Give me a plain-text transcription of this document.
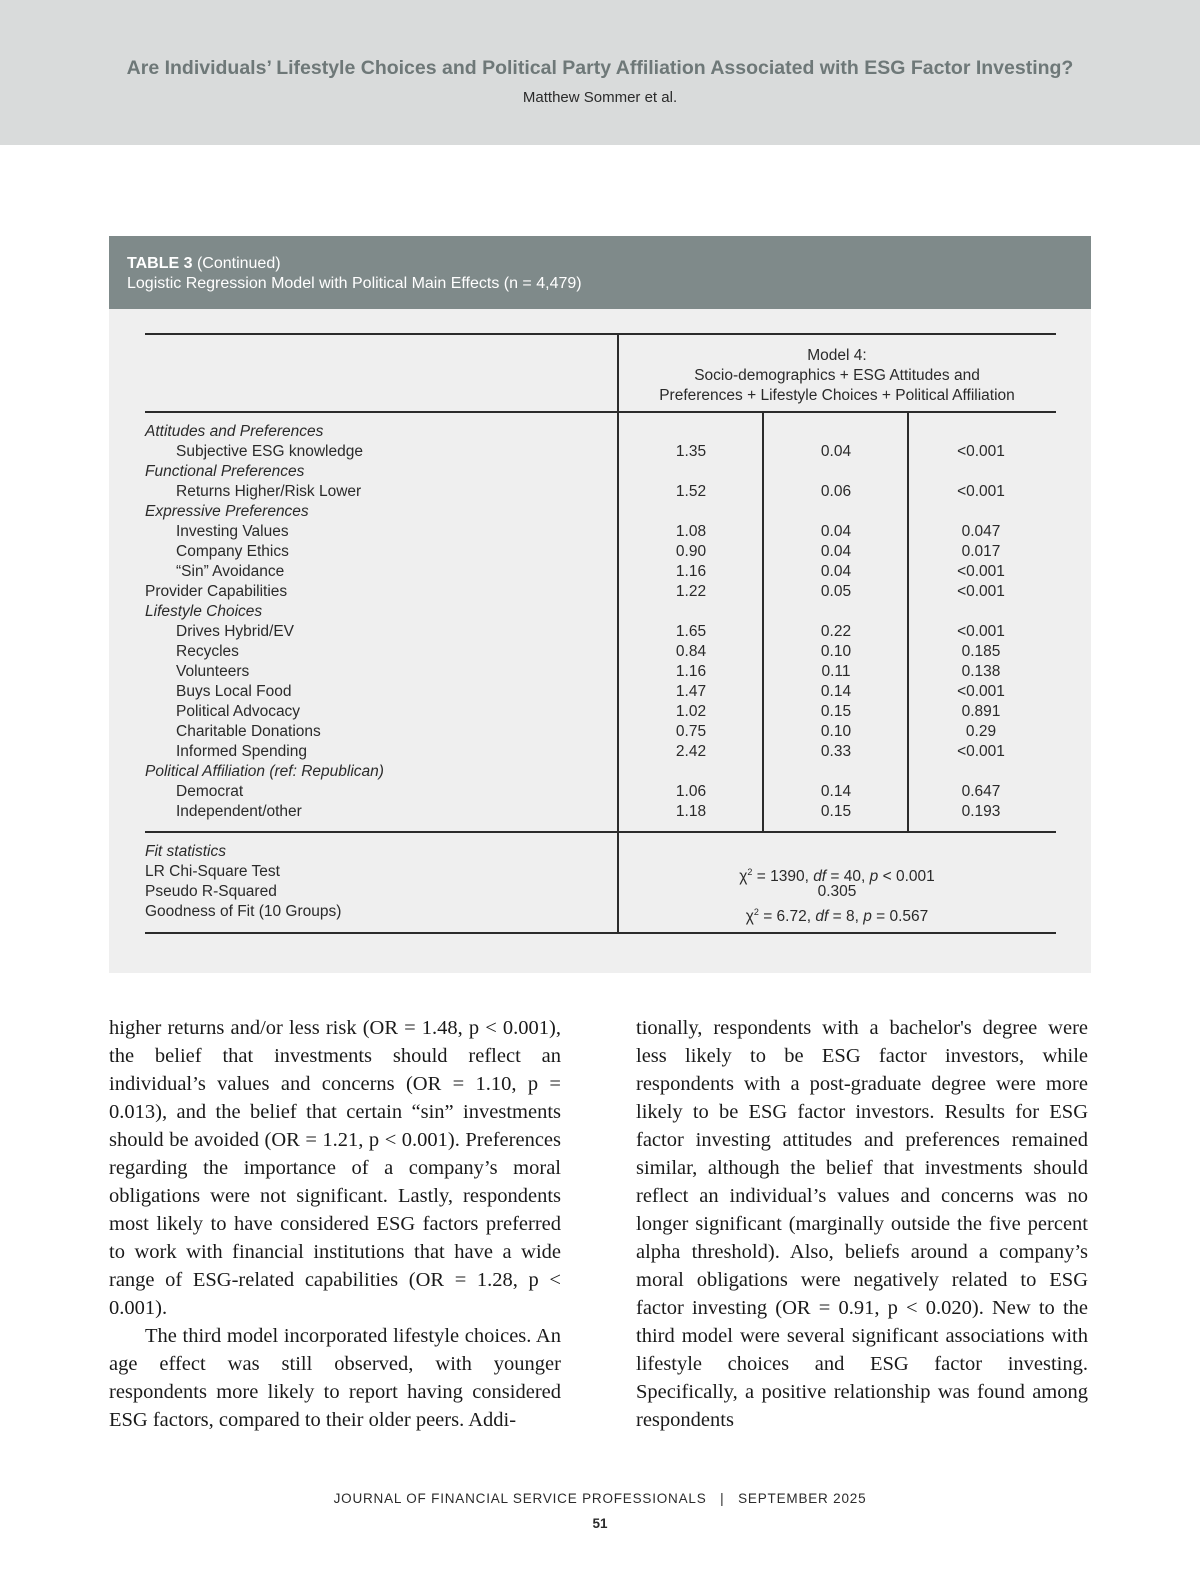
Are Individuals’ Lifestyle Choices and Political Party Affiliation Associated with ESG Factor Investing?
Matthew Sommer et al.
TABLE 3 (Continued)
Logistic Regression Model with Political Main Effects (n = 4,479)
Model 4:
Socio-demographics + ESG Attitudes and
Preferences + Lifestyle Choices + Political Affiliation
Attitudes and Preferences
Subjective ESG knowledge	1.35	0.04	<0.001
Functional Preferences
Returns Higher/Risk Lower	1.52	0.06	<0.001
Expressive Preferences
Investing Values	1.08	0.04	0.047
Company Ethics	0.90	0.04	0.017
“Sin” Avoidance	1.16	0.04	<0.001
Provider Capabilities	1.22	0.05	<0.001
Lifestyle Choices
Drives Hybrid/EV	1.65	0.22	<0.001
Recycles	0.84	0.10	0.185
Volunteers	1.16	0.11	0.138
Buys Local Food	1.47	0.14	<0.001
Political Advocacy	1.02	0.15	0.891
Charitable Donations	0.75	0.10	0.29
Informed Spending	2.42	0.33	<0.001
Political Affiliation (ref: Republican)
Democrat	1.06	0.14	0.647
Independent/other	1.18	0.15	0.193
Fit statistics
LR Chi-Square Test	$\chi^2 = 1390$, df = 40, p < 0.001
Pseudo R-Squared	0.305
Goodness of Fit (10 Groups)	$\chi^2 = 6.72$, df = 8, p = 0.567

higher returns and/or less risk (OR = 1.48, p < 0.001), the belief that investments should reflect an individual’s values and concerns (OR = 1.10, p = 0.013), and the belief that certain “sin” investments should be avoided (OR = 1.21, p < 0.001). Preferences regarding the importance of a company’s moral obligations were not significant. Lastly, respondents most likely to have considered ESG factors preferred to work with financial institutions that have a wide range of ESG-related capabilities (OR = 1.28, p < 0.001).

The third model incorporated lifestyle choices. An age effect was still observed, with younger respondents more likely to report having considered ESG factors, compared to their older peers. Addi-

tionally, respondents with a bachelor's degree were less likely to be ESG factor investors, while respondents with a post-graduate degree were more likely to be ESG factor investors. Results for ESG factor investing attitudes and preferences remained similar, although the belief that investments should reflect an individual’s values and concerns was no longer significant (marginally outside the five percent alpha threshold). Also, beliefs around a company’s moral obligations were negatively related to ESG factor investing (OR = 0.91, p < 0.020). New to the third model were several significant associations with lifestyle choices and ESG factor investing. Specifically, a positive relationship was found among respondents

JOURNAL OF FINANCIAL SERVICE PROFESSIONALS   |   SEPTEMBER 2025
51
